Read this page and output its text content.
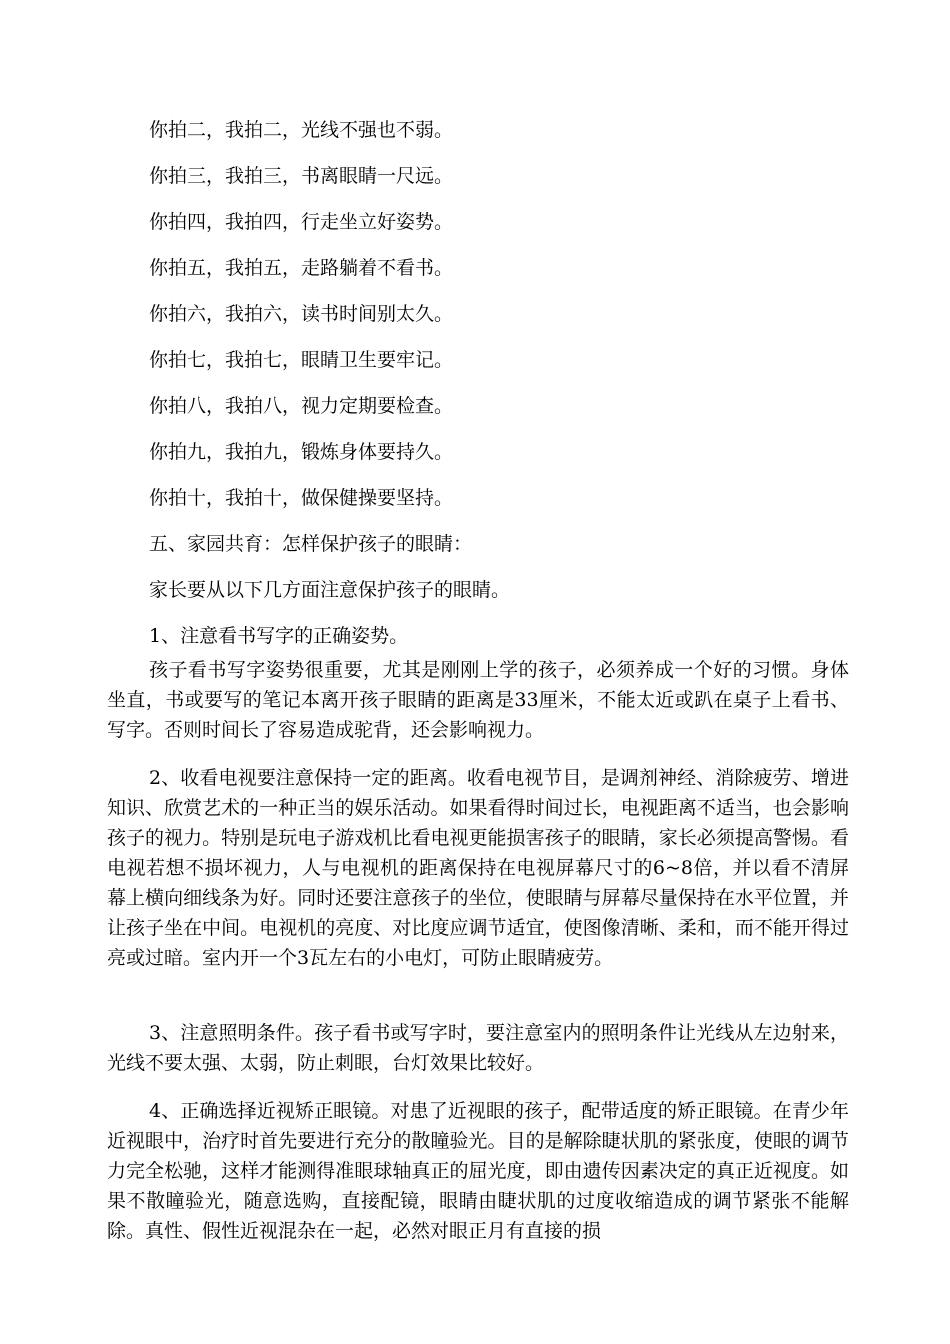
你拍二，我拍二，光线不强也不弱。

你拍三，我拍三，书离眼睛一尺远。

你拍四，我拍四，行走坐立好姿势。

你拍五，我拍五，走路躺着不看书。

你拍六，我拍六，读书时间别太久。

你拍七，我拍七，眼睛卫生要牢记。

你拍八，我拍八，视力定期要检查。

你拍九，我拍九，锻炼身体要持久。

你拍十，我拍十，做保健操要坚持。

五、家园共育：怎样保护孩子的眼睛：

家长要从以下几方面注意保护孩子的眼睛。

1、注意看书写字的正确姿势。

孩子看书写字姿势很重要，尤其是刚刚上学的孩子，必须养成一个好的习惯。身体坐直，书或要写的笔记本离开孩子眼睛的距离是33厘米，不能太近或趴在桌子上看书、写字。否则时间长了容易造成驼背，还会影响视力。

2、收看电视要注意保持一定的距离。收看电视节目，是调剂神经、消除疲劳、增进知识、欣赏艺术的一种正当的娱乐活动。如果看得时间过长，电视距离不适当，也会影响孩子的视力。特别是玩电子游戏机比看电视更能损害孩子的眼睛，家长必须提高警惕。看电视若想不损坏视力，人与电视机的距离保持在电视屏幕尺寸的6~8倍，并以看不清屏幕上横向细线条为好。同时还要注意孩子的坐位，使眼睛与屏幕尽量保持在水平位置，并让孩子坐在中间。电视机的亮度、对比度应调节适宜，使图像清晰、柔和，而不能开得过亮或过暗。室内开一个3瓦左右的小电灯，可防止眼睛疲劳。

3、注意照明条件。孩子看书或写字时，要注意室内的照明条件让光线从左边射来，光线不要太强、太弱，防止刺眼，台灯效果比较好。

4、正确选择近视矫正眼镜。对患了近视眼的孩子，配带适度的矫正眼镜。在青少年近视眼中，治疗时首先要进行充分的散瞳验光。目的是解除睫状肌的紧张度，使眼的调节力完全松驰，这样才能测得准眼球轴真正的屈光度，即由遗传因素决定的真正近视度。如果不散瞳验光，随意选购，直接配镜，眼睛由睫状肌的过度收缩造成的调节紧张不能解除。真性、假性近视混杂在一起，必然对眼正月有直接的损
